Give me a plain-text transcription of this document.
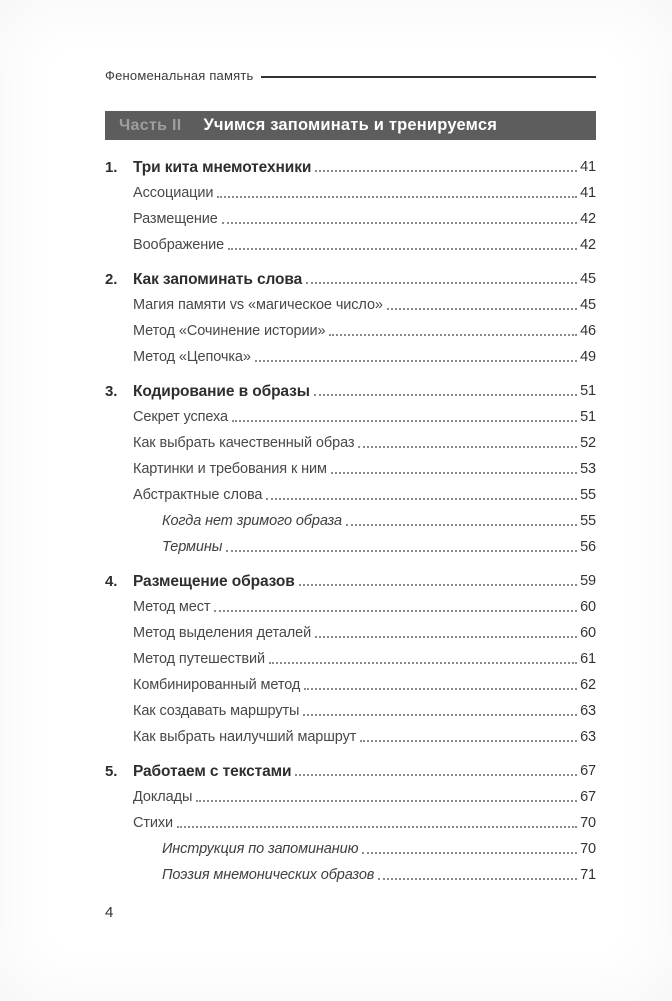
Феноменальная память
Часть II Учимся запоминать и тренируемся
1.	Три кита мнемотехники	41
Ассоциации	41
Размещение	42
Воображение	42
2.	Как запоминать слова	45
Магия памяти vs «магическое число»	45
Метод «Сочинение истории»	46
Метод «Цепочка»	49
3.	Кодирование в образы	51
Секрет успеха	51
Как выбрать качественный образ	52
Картинки и требования к ним	53
Абстрактные слова	55
Когда нет зримого образа	55
Термины	56
4.	Размещение образов	59
Метод мест	60
Метод выделения деталей	60
Метод путешествий	61
Комбинированный метод	62
Как создавать маршруты	63
Как выбрать наилучший маршрут	63
5.	Работаем с текстами	67
Доклады	67
Стихи	70
Инструкция по запоминанию	70
Поэзия мнемонических образов	71
4
